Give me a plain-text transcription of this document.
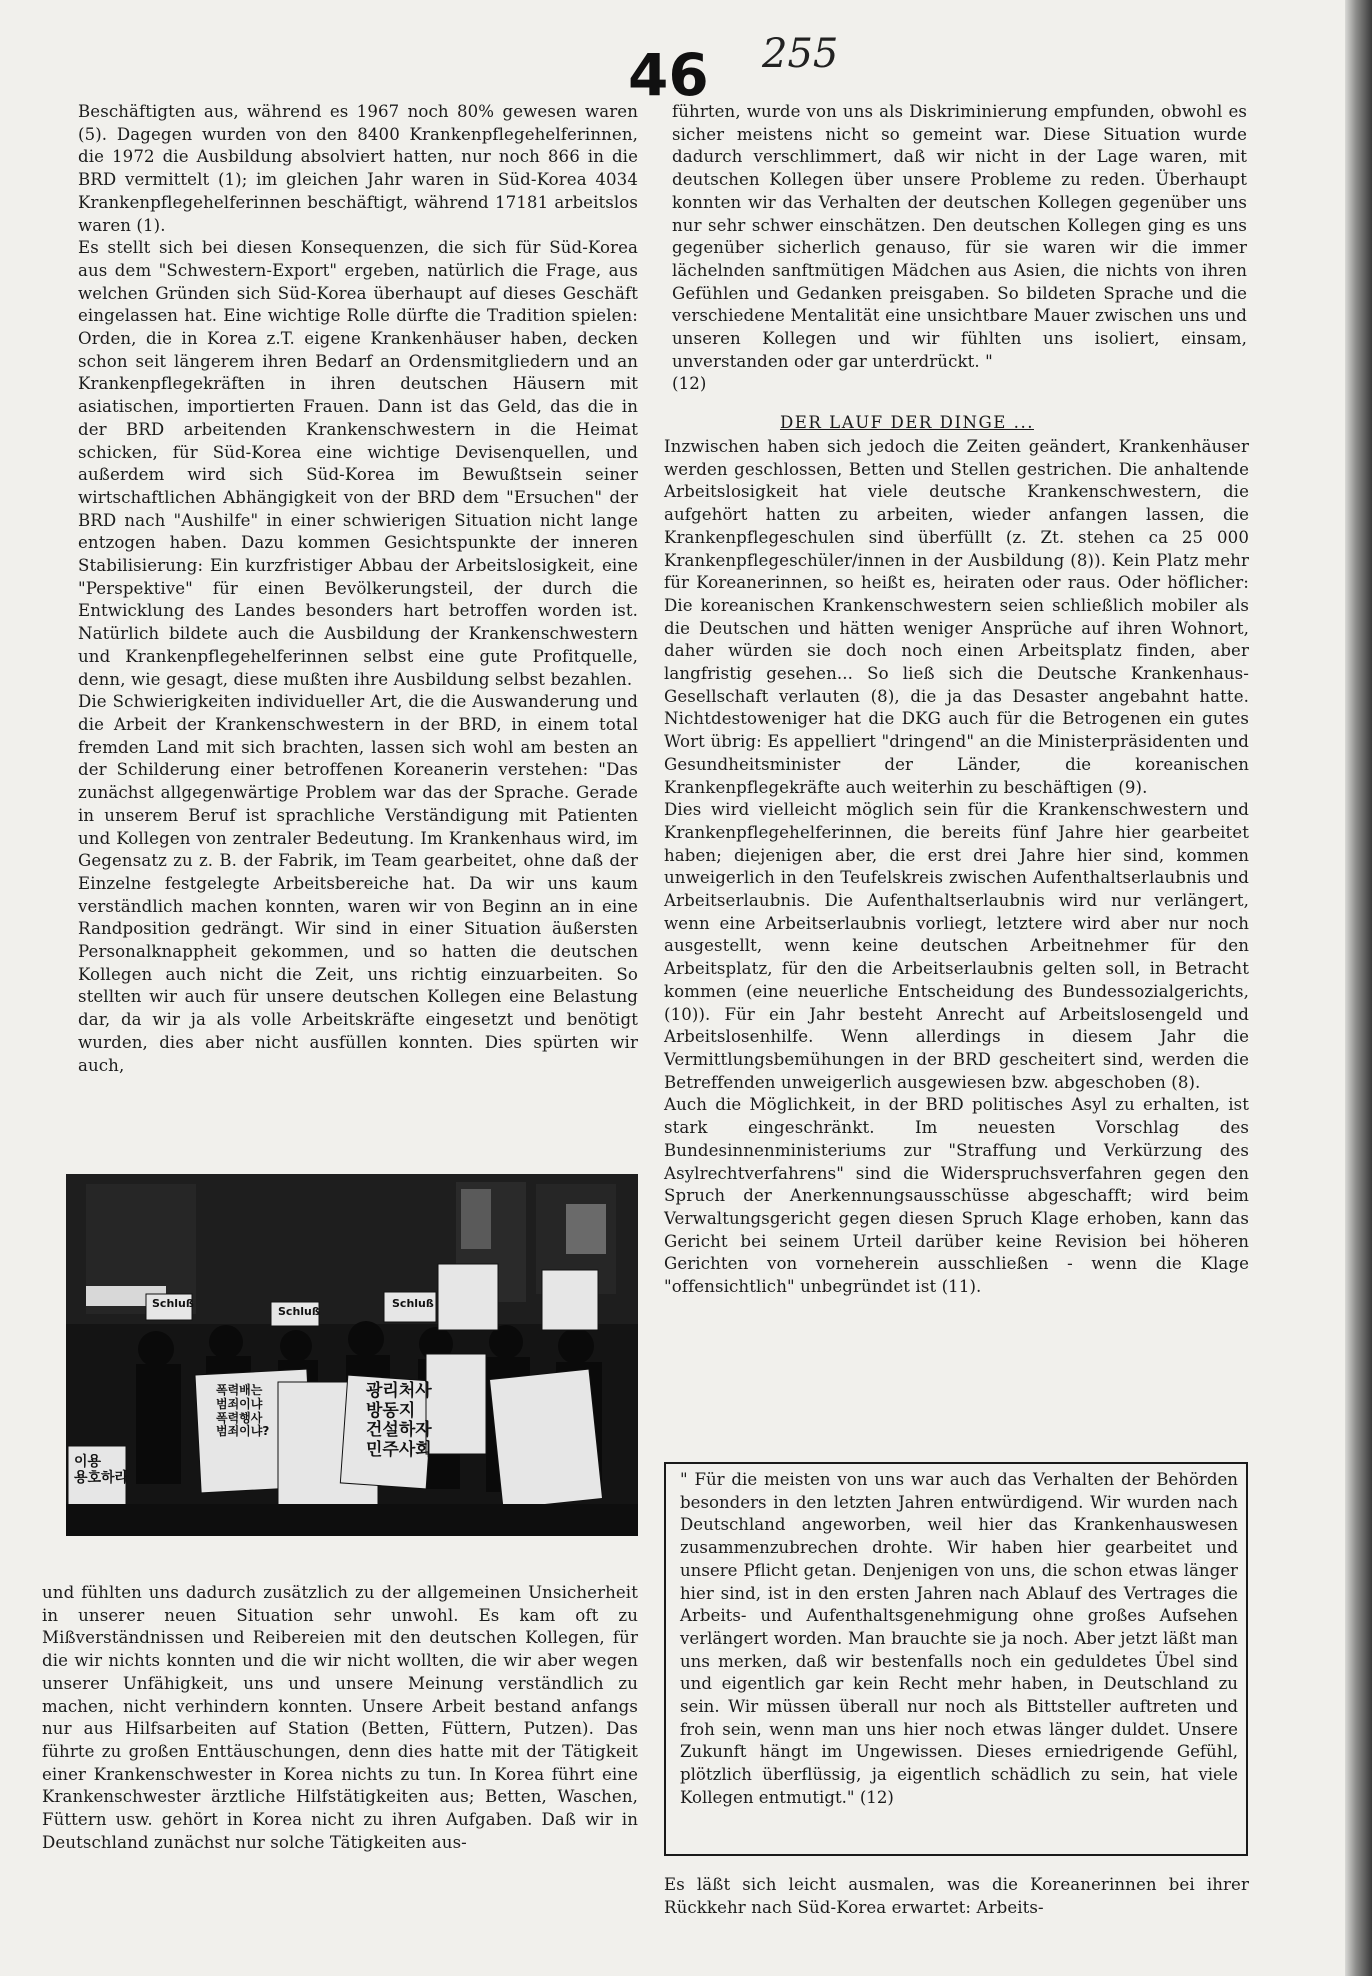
46 255
Beschäftigten aus, während es 1967 noch 80% gewesen waren (5). Dagegen wurden von den 8400 Krankenpflegehelferinnen, die 1972 die Ausbildung absolviert hatten, nur noch 866 in die BRD vermittelt (1); im gleichen Jahr waren in Süd-Korea 4034 Krankenpflegehelferinnen beschäftigt, während 17181 arbeitslos waren (1).
Es stellt sich bei diesen Konsequenzen, die sich für Süd-Korea aus dem "Schwestern-Export" ergeben, natürlich die Frage, aus welchen Gründen sich Süd-Korea überhaupt auf dieses Geschäft eingelassen hat. Eine wichtige Rolle dürfte die Tradition spielen: Orden, die in Korea z.T. eigene Krankenhäuser haben, decken schon seit längerem ihren Bedarf an Ordensmitgliedern und an Krankenpflegekräften in ihren deutschen Häusern mit asiatischen, importierten Frauen. Dann ist das Geld, das die in der BRD arbeitenden Krankenschwestern in die Heimat schicken, für Süd-Korea eine wichtige Devisenquellen, und außerdem wird sich Süd-Korea im Bewußtsein seiner wirtschaftlichen Abhängigkeit von der BRD dem "Ersuchen" der BRD nach "Aushilfe" in einer schwierigen Situation nicht lange entzogen haben. Dazu kommen Gesichtspunkte der inneren Stabilisierung: Ein kurzfristiger Abbau der Arbeitslosigkeit, eine "Perspektive" für einen Bevölkerungsteil, der durch die Entwicklung des Landes besonders hart betroffen worden ist. Natürlich bildete auch die Ausbildung der Krankenschwestern und Krankenpflegehelferinnen selbst eine gute Profitquelle, denn, wie gesagt, diese mußten ihre Ausbildung selbst bezahlen.
Die Schwierigkeiten individueller Art, die die Auswanderung und die Arbeit der Krankenschwestern in der BRD, in einem total fremden Land mit sich brachten, lassen sich wohl am besten an der Schilderung einer betroffenen Koreanerin verstehen: "Das zunächst allgegenwärtige Problem war das der Sprache. Gerade in unserem Beruf ist sprachliche Verständigung mit Patienten und Kollegen von zentraler Bedeutung. Im Krankenhaus wird, im Gegensatz zu z. B. der Fabrik, im Team gearbeitet, ohne daß der Einzelne festgelegte Arbeitsbereiche hat. Da wir uns kaum verständlich machen konnten, waren wir von Beginn an in eine Randposition gedrängt. Wir sind in einer Situation äußersten Personalknappheit gekommen, und so hatten die deutschen Kollegen auch nicht die Zeit, uns richtig einzuarbeiten. So stellten wir auch für unsere deutschen Kollegen eine Belastung dar, da wir ja als volle Arbeitskräfte eingesetzt und benötigt wurden, dies aber nicht ausfüllen konnten. Dies spürten wir auch,
Schluß
Schluß
Schluß
광리처사
방동지
건설하자
민주사회
폭력배는
범죄이냐
폭력행사
범죄이냐?
이용
용호하라
und fühlten uns dadurch zusätzlich zu der allgemeinen Unsicherheit in unserer neuen Situation sehr unwohl. Es kam oft zu Mißverständnissen und Reibereien mit den deutschen Kollegen, für die wir nichts konnten und die wir nicht wollten, die wir aber wegen unserer Unfähigkeit, uns und unsere Meinung verständlich zu machen, nicht verhindern konnten. Unsere Arbeit bestand anfangs nur aus Hilfsarbeiten auf Station (Betten, Füttern, Putzen). Das führte zu großen Enttäuschungen, denn dies hatte mit der Tätigkeit einer Krankenschwester in Korea nichts zu tun. In Korea führt eine Krankenschwester ärztliche Hilfstätigkeiten aus; Betten, Waschen, Füttern usw. gehört in Korea nicht zu ihren Aufgaben. Daß wir in Deutschland zunächst nur solche Tätigkeiten aus-
führten, wurde von uns als Diskriminierung empfunden, obwohl es sicher meistens nicht so gemeint war. Diese Situation wurde dadurch verschlimmert, daß wir nicht in der Lage waren, mit deutschen Kollegen über unsere Probleme zu reden. Überhaupt konnten wir das Verhalten der deutschen Kollegen gegenüber uns nur sehr schwer einschätzen. Den deutschen Kollegen ging es uns gegenüber sicherlich genauso, für sie waren wir die immer lächelnden sanftmütigen Mädchen aus Asien, die nichts von ihren Gefühlen und Gedanken preisgaben. So bildeten Sprache und die verschiedene Mentalität eine unsichtbare Mauer zwischen uns und unseren Kollegen und wir fühlten uns isoliert, einsam, unverstanden oder gar unterdrückt. "
(12)
DER LAUF DER DINGE ...
Inzwischen haben sich jedoch die Zeiten geändert, Krankenhäuser werden geschlossen, Betten und Stellen gestrichen. Die anhaltende Arbeitslosigkeit hat viele deutsche Krankenschwestern, die aufgehört hatten zu arbeiten, wieder anfangen lassen, die Krankenpflegeschulen sind überfüllt (z. Zt. stehen ca 25 000 Krankenpflegeschüler/innen in der Ausbildung (8)). Kein Platz mehr für Koreanerinnen, so heißt es, heiraten oder raus. Oder höflicher: Die koreanischen Krankenschwestern seien schließlich mobiler als die Deutschen und hätten weniger Ansprüche auf ihren Wohnort, daher würden sie doch noch einen Arbeitsplatz finden, aber langfristig gesehen... So ließ sich die Deutsche Krankenhaus-Gesellschaft verlauten (8), die ja das Desaster angebahnt hatte. Nichtdestoweniger hat die DKG auch für die Betrogenen ein gutes Wort übrig: Es appelliert "dringend" an die Ministerpräsidenten und Gesundheitsminister der Länder, die koreanischen Krankenpflegekräfte auch weiterhin zu beschäftigen (9).
Dies wird vielleicht möglich sein für die Krankenschwestern und Krankenpflegehelferinnen, die bereits fünf Jahre hier gearbeitet haben; diejenigen aber, die erst drei Jahre hier sind, kommen unweigerlich in den Teufelskreis zwischen Aufenthaltserlaubnis und Arbeitserlaubnis. Die Aufenthaltserlaubnis wird nur verlängert, wenn eine Arbeitserlaubnis vorliegt, letztere wird aber nur noch ausgestellt, wenn keine deutschen Arbeitnehmer für den Arbeitsplatz, für den die Arbeitserlaubnis gelten soll, in Betracht kommen (eine neuerliche Entscheidung des Bundessozialgerichts, (10)). Für ein Jahr besteht Anrecht auf Arbeitslosengeld und Arbeitslosenhilfe. Wenn allerdings in diesem Jahr die Vermittlungsbemühungen in der BRD gescheitert sind, werden die Betreffenden unweigerlich ausgewiesen bzw. abgeschoben (8).
Auch die Möglichkeit, in der BRD politisches Asyl zu erhalten, ist stark eingeschränkt. Im neuesten Vorschlag des Bundesinnenministeriums zur "Straffung und Verkürzung des Asylrechtverfahrens" sind die Widerspruchsverfahren gegen den Spruch der Anerkennungsausschüsse abgeschafft; wird beim Verwaltungsgericht gegen diesen Spruch Klage erhoben, kann das Gericht bei seinem Urteil darüber keine Revision bei höheren Gerichten von vorneherein ausschließen - wenn die Klage "offensichtlich" unbegründet ist (11).
" Für die meisten von uns war auch das Verhalten der Behörden besonders in den letzten Jahren entwürdigend. Wir wurden nach Deutschland angeworben, weil hier das Krankenhauswesen zusammenzubrechen drohte. Wir haben hier gearbeitet und unsere Pflicht getan. Denjenigen von uns, die schon etwas länger hier sind, ist in den ersten Jahren nach Ablauf des Vertrages die Arbeits- und Aufenthaltsgenehmigung ohne großes Aufsehen verlängert worden. Man brauchte sie ja noch. Aber jetzt läßt man uns merken, daß wir bestenfalls noch ein geduldetes Übel sind und eigentlich gar kein Recht mehr haben, in Deutschland zu sein. Wir müssen überall nur noch als Bittsteller auftreten und froh sein, wenn man uns hier noch etwas länger duldet. Unsere Zukunft hängt im Ungewissen. Dieses erniedrigende Gefühl, plötzlich überflüssig, ja eigentlich schädlich zu sein, hat viele Kollegen entmutigt." (12)
Es läßt sich leicht ausmalen, was die Koreanerinnen bei ihrer Rückkehr nach Süd-Korea erwartet: Arbeits-
